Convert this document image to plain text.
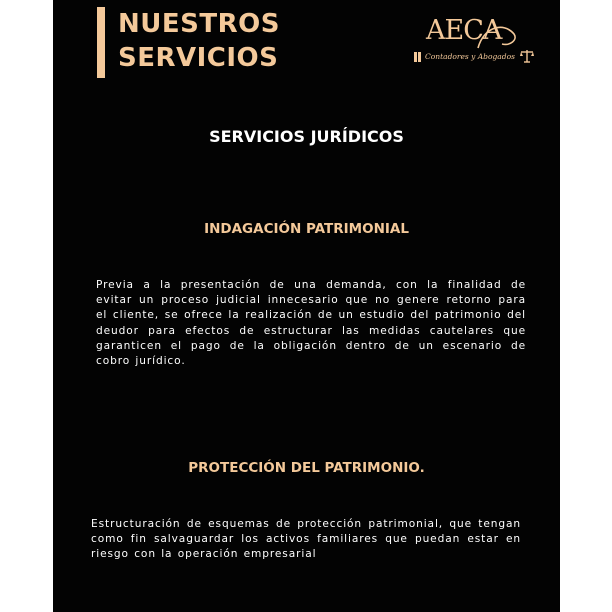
NUESTROS
SERVICIOS
AECA
Contadores y Abogados
SERVICIOS JURÍDICOS
INDAGACIÓN PATRIMONIAL
Previa a la presentación de una demanda, con la finalidad de evitar un proceso judicial innecesario que no genere retorno para el cliente, se ofrece la realización de un estudio del patrimonio del deudor para efectos de estructurar las medidas cautelares que garanticen el pago de la obligación dentro de un escenario de cobro jurídico.
PROTECCIÓN DEL PATRIMONIO.
Estructuración de esquemas de protección patrimonial, que tengan como fin salvaguardar los activos familiares que puedan estar en riesgo con la operación empresarial
